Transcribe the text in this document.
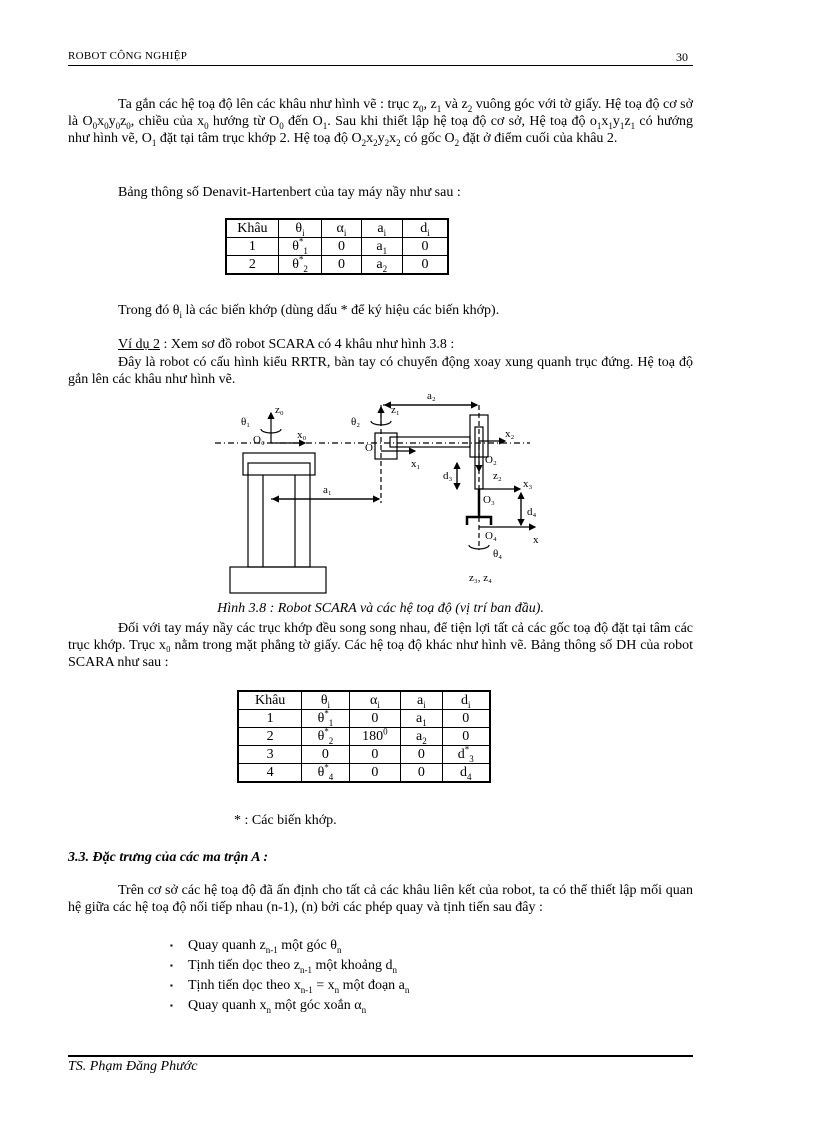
ROBOT CÔNG NGHIỆP	30
Ta gắn các hệ toạ độ lên các khâu như hình vẽ : trục $z_0$, $z_1$ và $z_2$ vuông góc với tờ giấy. Hệ toạ độ cơ sở là $O_0x_0y_0z_0$, chiều của $x_0$ hướng từ $O_0$ đến $O_1$. Sau khi thiết lập hệ toạ độ cơ sở, Hệ toạ độ $o_1x_1y_1z_1$ có hướng như hình vẽ, $O_1$ đặt tại tâm trục khớp 2. Hệ toạ độ $O_2x_2y_2x_2$ có gốc $O_2$ đặt ở điểm cuối của khâu 2.
Bảng thông số Denavit-Hartenbert của tay máy nầy như sau :
Khâu	$\theta_i$	$\alpha_i$	$a_i$	$d_i$
1	$\theta^*_1$	0	$a_1$	0
2	$\theta^*_2$	0	$a_2$	0
Trong đó $\theta_i$ là các biến khớp (dùng dấu * để ký hiệu các biến khớp).
Ví dụ 2 : Xem sơ đồ robot SCARA có 4 khâu như hình 3.8 :
Đây là robot có cấu hình kiểu RRTR, bàn tay có chuyển động xoay xung quanh trục đứng. Hệ toạ độ gắn lên các khâu như hình vẽ.
z₀
θ₁
O₀	x₀
θ₂
O₁
z₁
x₁
a₁
a₂
x₂
O₂
z₂
d₃
x₃
O₃
d₄
O₄	x
θ₄
z₃, z₄
Hình 3.8 : Robot SCARA và các hệ toạ độ (vị trí ban đầu).
Đối với tay máy nầy các trục khớp đều song song nhau, để tiện lợi tất cả các gốc toạ độ đặt tại tâm các trục khớp. Trục x₀ nằm trong mặt phẳng tờ giấy. Các hệ toạ độ khác như hình vẽ. Bảng thông số DH của robot SCARA như sau :
Khâu	$\theta_i$	$\alpha_i$	$a_i$	$d_i$
1	$\theta^*_1$	0	$a_1$	0
2	$\theta^*_2$	$180^0$	$a_2$	0
3	0	0	0	$d^*_3$
4	$\theta^*_4$	0	0	$d_4$
* : Các biến khớp.
3.3. Đặc trưng của các ma trận A :
Trên cơ sở các hệ toạ độ đã ấn định cho tất cả các khâu liên kết của robot, ta có thể thiết lập mối quan hệ giữa các hệ toạ độ nối tiếp nhau (n-1), (n) bởi các phép quay và tịnh tiến sau đây :
▪ Quay quanh $z_{n-1}$ một góc $\theta_n$
▪ Tịnh tiến dọc theo $z_{n-1}$ một khoảng $d_n$
▪ Tịnh tiến dọc theo $x_{n-1} = x_n$ một đoạn $a_n$
▪ Quay quanh $x_n$ một góc xoắn $\alpha_n$
TS. Phạm Đăng Phước
